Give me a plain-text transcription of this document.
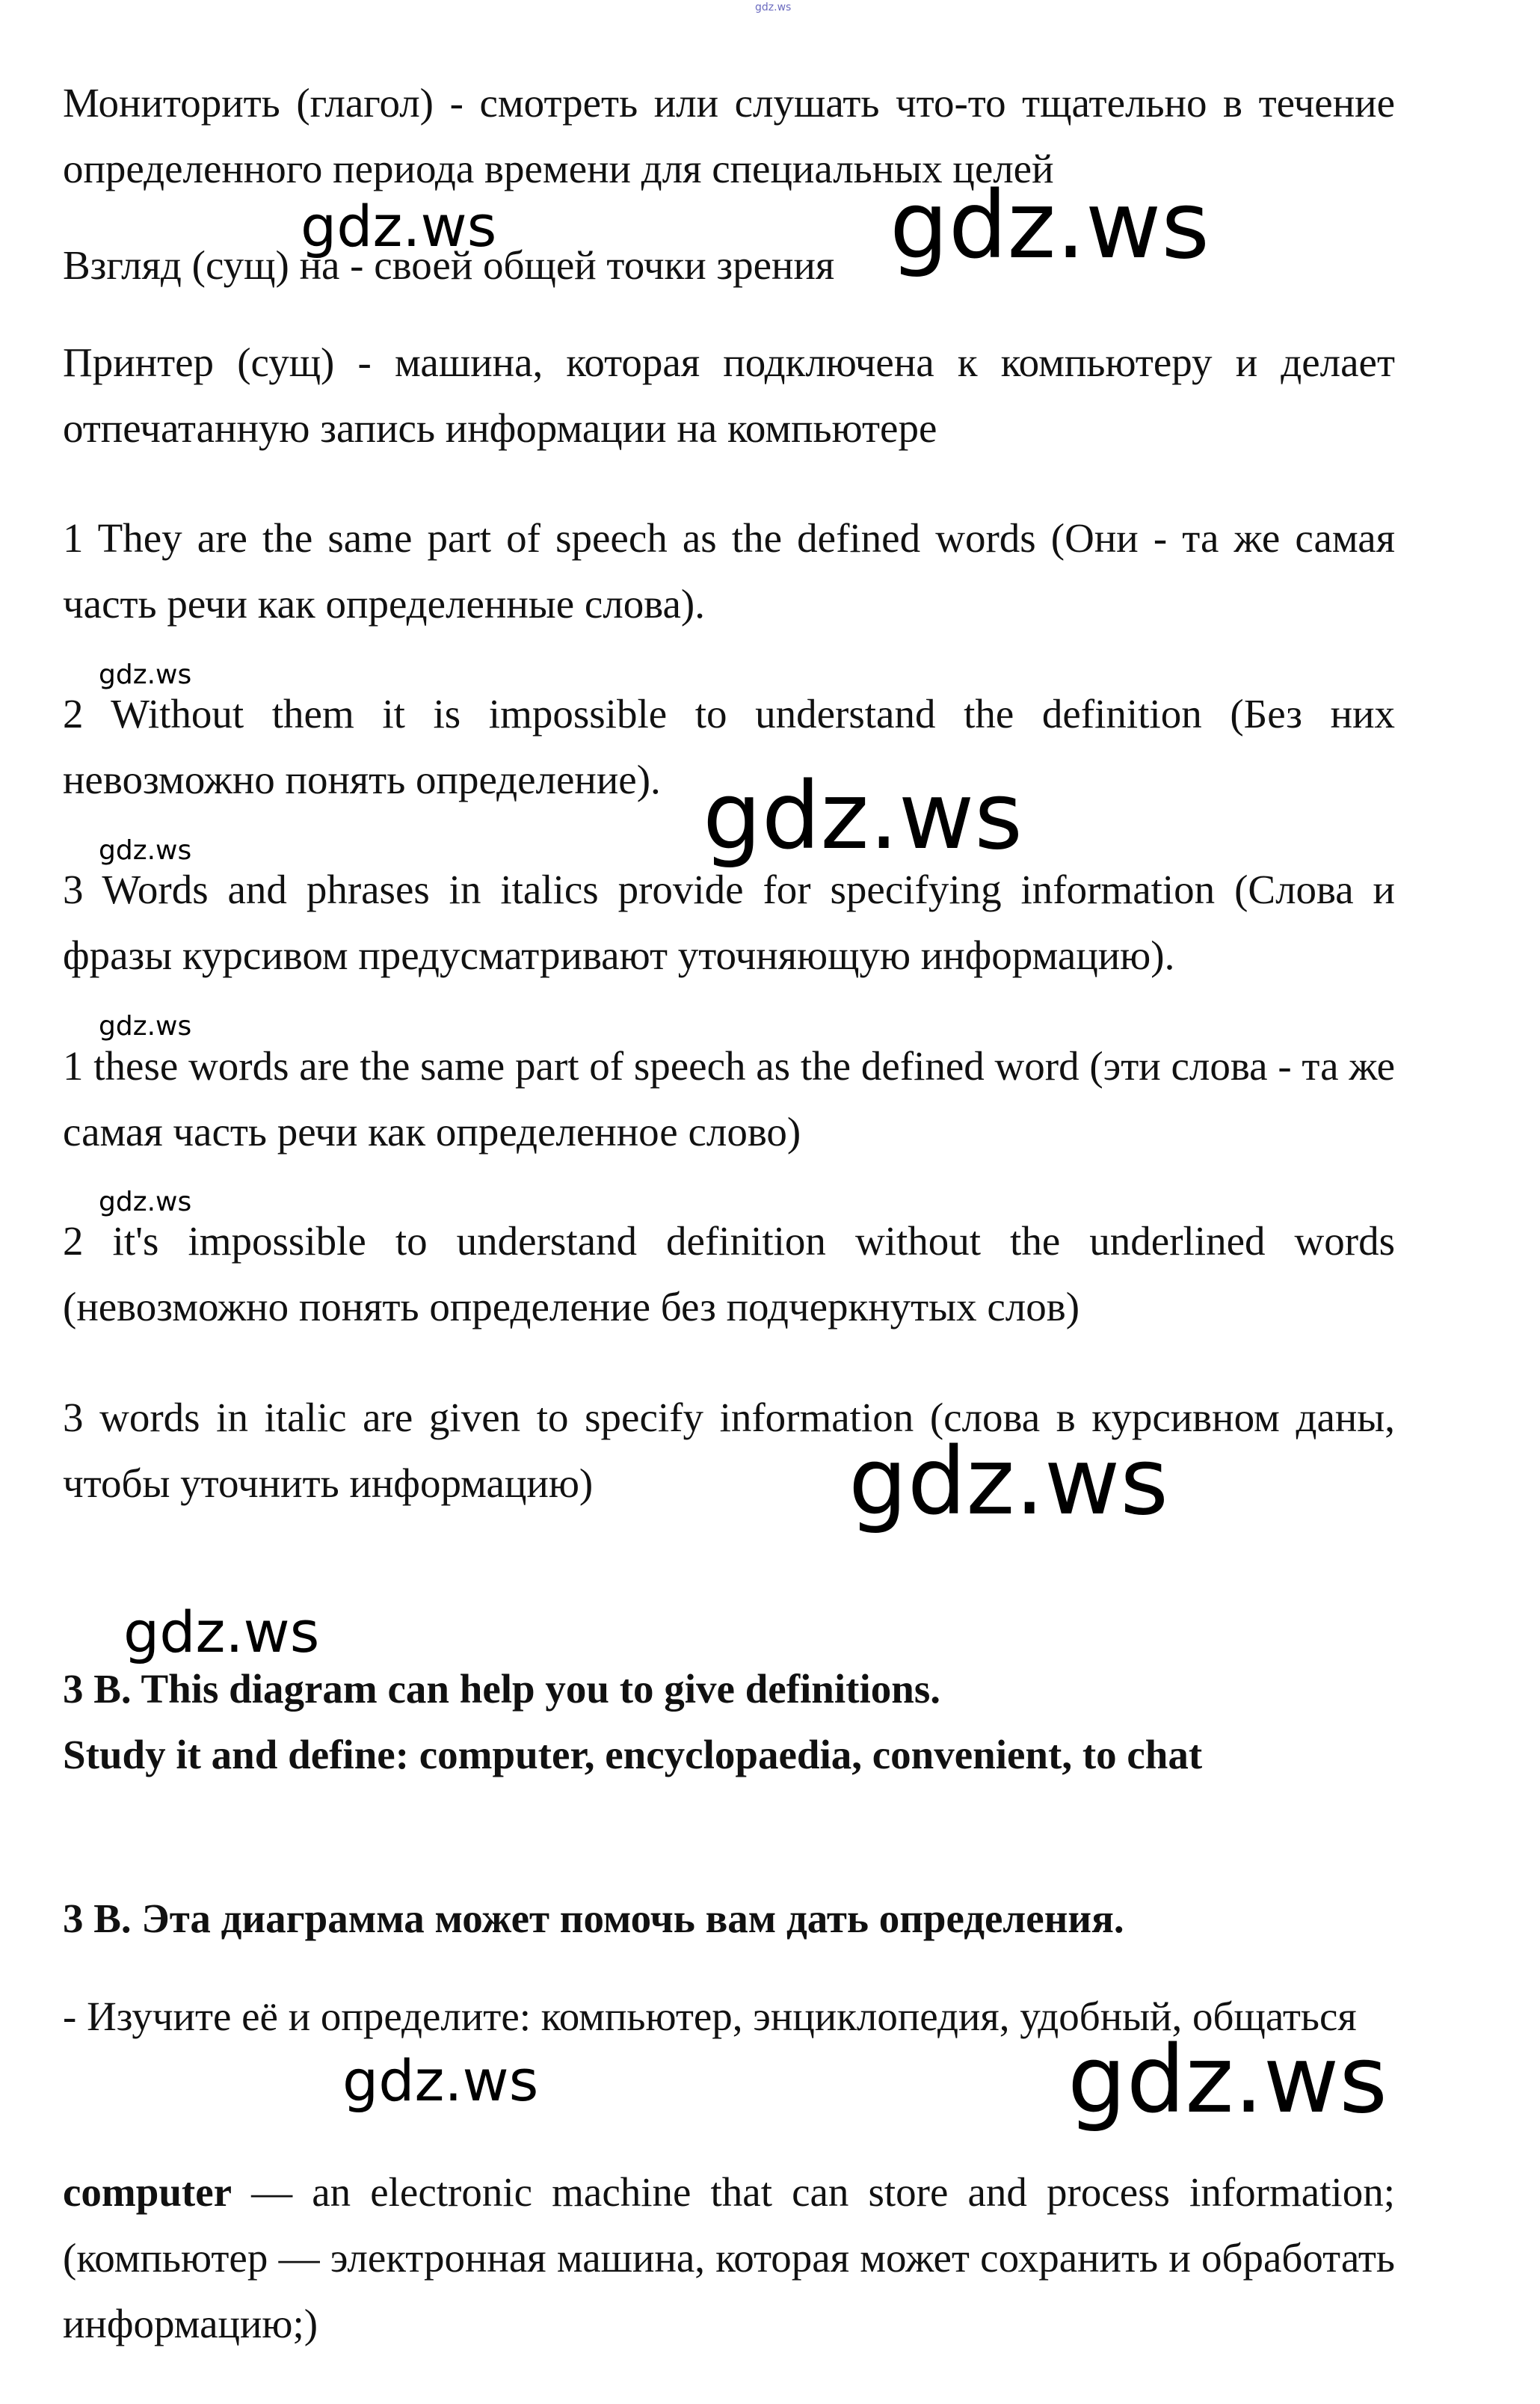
gdz.ws

Мониторить (глагол) - смотреть или слушать что-то тщательно в течение определенного периода времени для специальных целей

Взгляд (сущ) на - своей общей точки зрения

Принтер (сущ) - машина, которая подключена к компьютеру и делает отпечатанную запись информации на компьютере

1 They are the same part of speech as the defined words (Они - та же самая часть речи как определенные слова).

2 Without them it is impossible to understand the definition (Без них невозможно понять определение).

3 Words and phrases in italics provide for specifying information (Слова и фразы курсивом предусматривают уточняющую информацию).

1 these words are the same part of speech as the defined word (эти слова - та же самая часть речи как определенное слово)

2 it's impossible to understand definition without the underlined words (невозможно понять определение без подчеркнутых слов)

3 words in italic are given to specify information (слова в курсивном даны, чтобы уточнить информацию)

3 B. This diagram can help you to give definitions.

Study it and define: computer, encyclopaedia, convenient, to chat

3 B. Эта диаграмма может помочь вам дать определения.

- Изучите её и определите: компьютер, энциклопедия, удобный, общаться

computer — an electronic machine that can store and process information; (компьютер — электронная машина, которая может сохранить и обработать информацию;)

gdz.ws	gdz.ws
gdz.ws
gdz.ws
gdz.ws
gdz.ws
gdz.ws
gdz.ws
gdz.ws
gdz.ws	gdz.ws
